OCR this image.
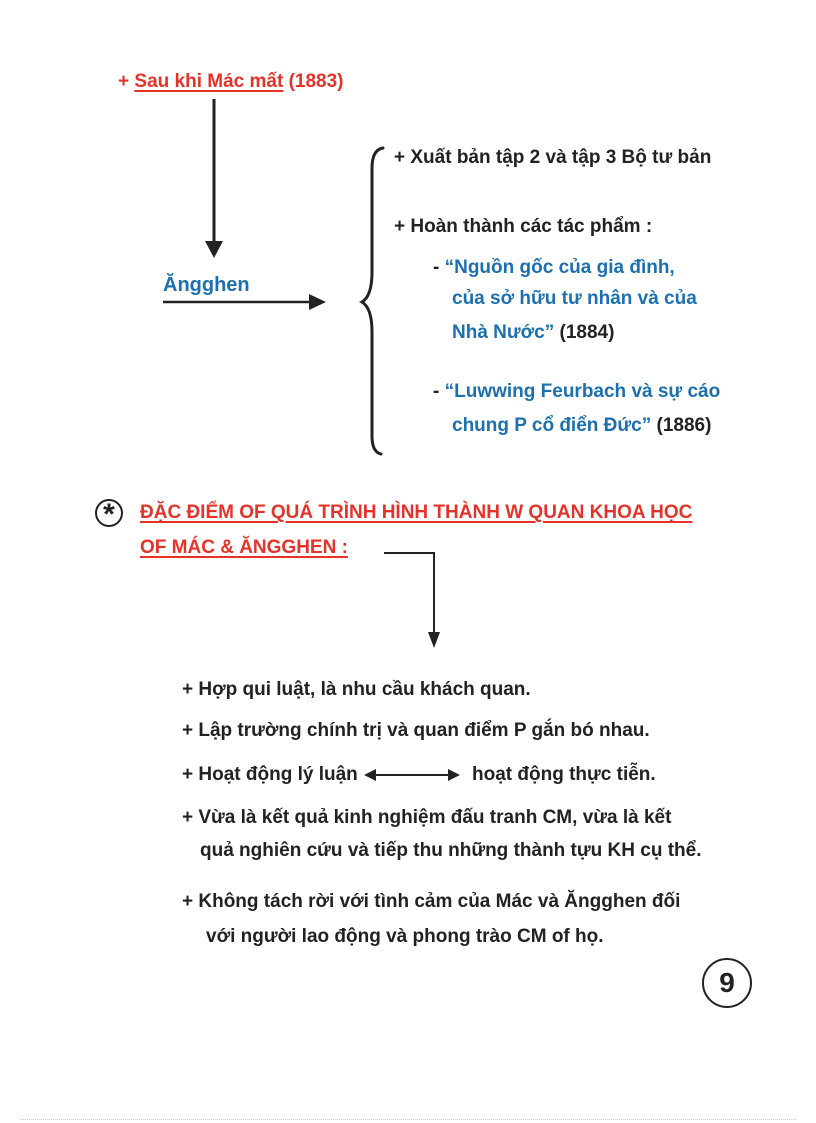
+ Sau khi Mác mất (1883)
Ăngghen
+ Xuất bản tập 2 và tập 3 Bộ tư bản
+ Hoàn thành các tác phẩm :
- “Nguồn gốc của gia đình,
của sở hữu tư nhân và của
Nhà Nước” (1884)
- “Luwwing Feurbach và sự cáo
chung P cổ điển Đức” (1886)
*	ĐẶC ĐIỂM OF QUÁ TRÌNH HÌNH THÀNH W QUAN KHOA HỌC
OF MÁC & ĂNGGHEN :
+ Hợp qui luật, là nhu cầu khách quan.
+ Lập trường chính trị và quan điểm P gắn bó nhau.
+ Hoạt động lý luận	hoạt động thực tiễn.
+ Vừa là kết quả kinh nghiệm đấu tranh CM, vừa là kết
quả nghiên cứu và tiếp thu những thành tựu KH cụ thể.
+ Không tách rời với tình cảm của Mác và Ăngghen đối
với người lao động và phong trào CM of họ.
9
